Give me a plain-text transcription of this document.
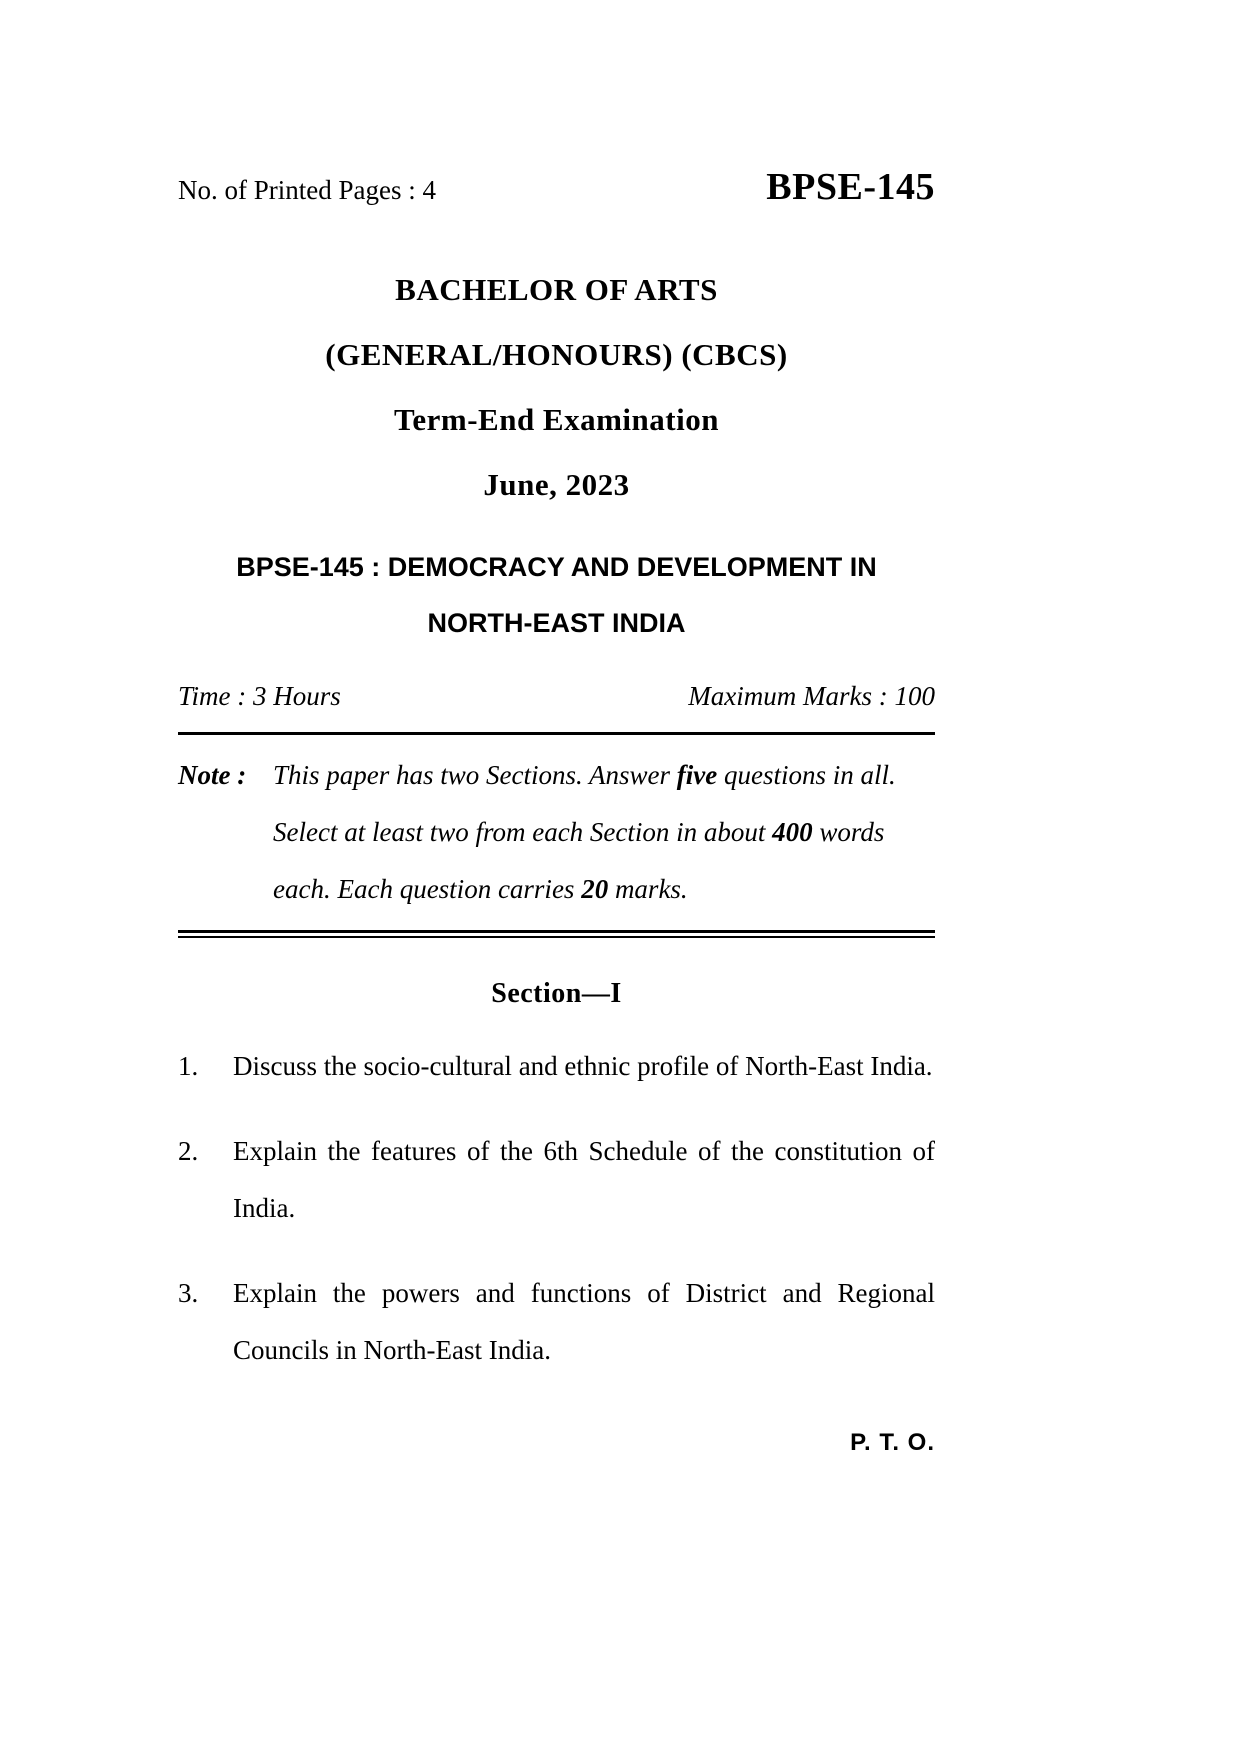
No. of Printed Pages : 4	BPSE-145
BACHELOR OF ARTS
(GENERAL/HONOURS) (CBCS)
Term-End Examination
June, 2023
BPSE-145 : DEMOCRACY AND DEVELOPMENT IN
NORTH-EAST INDIA
Time : 3 Hours	Maximum Marks : 100
Note : This paper has two Sections. Answer five questions in all. Select at least two from each Section in about 400 words each. Each question carries 20 marks.
Section—I
1. Discuss the socio-cultural and ethnic profile of North-East India.
2. Explain the features of the 6th Schedule of the constitution of India.
3. Explain the powers and functions of District and Regional Councils in North-East India.
P. T. O.
